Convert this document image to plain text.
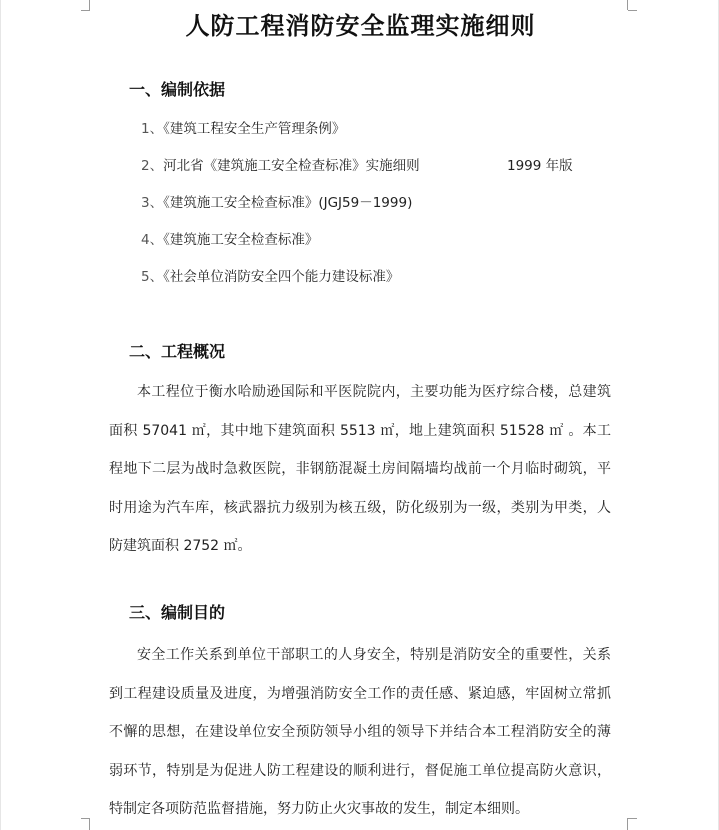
人防工程消防安全监理实施细则
一、编制依据
1、《建筑工程安全生产管理条例》
2、河北省《建筑施工安全检查标准》实施细则	1999 年版
3、《建筑施工安全检查标准》(JGJ59－1999)
4、《建筑施工安全检查标准》
5、《社会单位消防安全四个能力建设标准》
二、工程概况

本工程位于衡水哈励逊国际和平医院院内，主要功能为医疗综合楼，总建筑面积 57041 ㎡，其中地下建筑面积 5513 ㎡，地上建筑面积 51528 ㎡ 。本工程地下二层为战时急救医院，非钢筋混凝土房间隔墙均战前一个月临时砌筑，平时用途为汽车库，核武器抗力级别为核五级，防化级别为一级，类别为甲类，人防建筑面积 2752 ㎡。

三、编制目的

安全工作关系到单位干部职工的人身安全，特别是消防安全的重要性，关系到工程建设质量及进度，为增强消防安全工作的责任感、紧迫感，牢固树立常抓不懈的思想，在建设单位安全预防领导小组的领导下并结合本工程消防安全的薄弱环节，特别是为促进人防工程建设的顺利进行，督促施工单位提高防火意识，特制定各项防范监督措施，努力防止火灾事故的发生，制定本细则。
